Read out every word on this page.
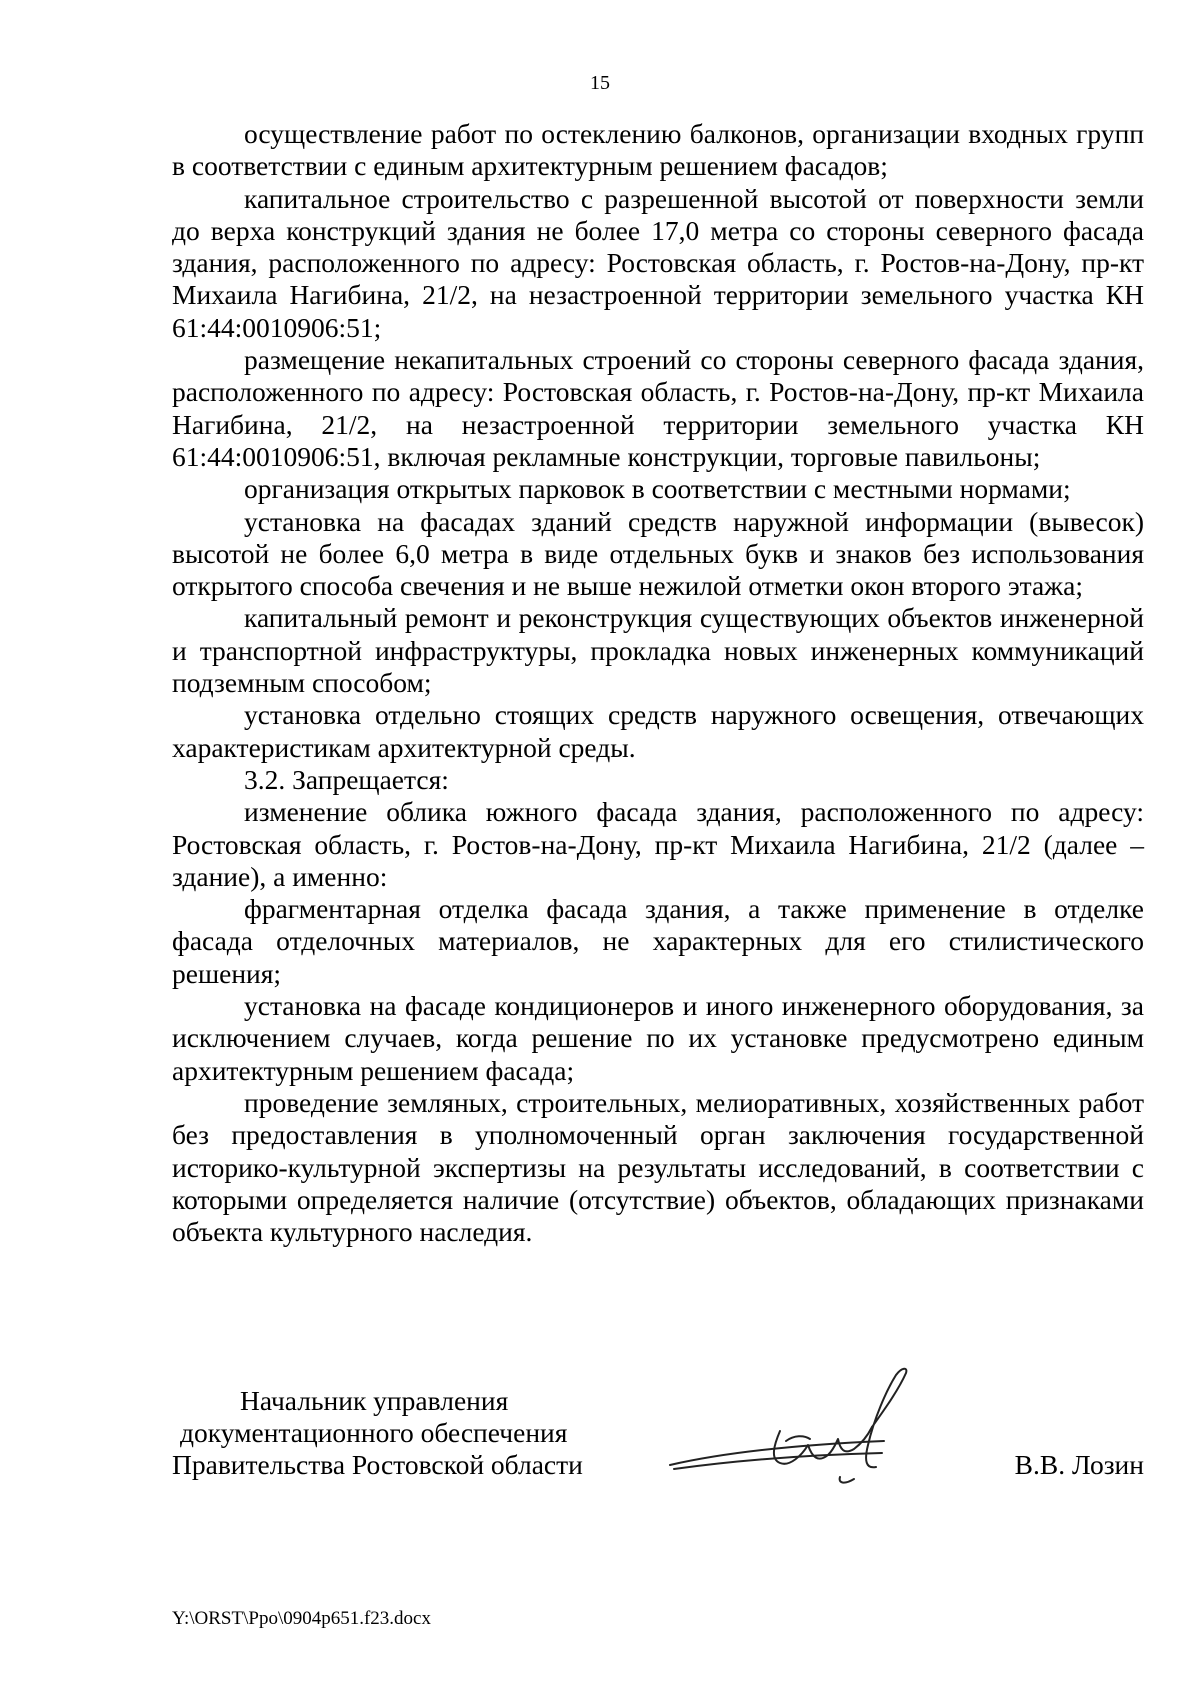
15

осуществление работ по остеклению балконов, организации входных групп в соответствии с единым архитектурным решением фасадов;

капитальное строительство с разрешенной высотой от поверхности земли до верха конструкций здания не более 17,0 метра со стороны северного фасада здания, расположенного по адресу: Ростовская область, г. Ростов-на-Дону, пр-кт Михаила Нагибина, 21/2, на незастроенной территории земельного участка КН 61:44:0010906:51;

размещение некапитальных строений со стороны северного фасада здания, расположенного по адресу: Ростовская область, г. Ростов-на-Дону, пр-кт Михаила Нагибина, 21/2, на незастроенной территории земельного участка КН 61:44:0010906:51, включая рекламные конструкции, торговые павильоны;

организация открытых парковок в соответствии с местными нормами;

установка на фасадах зданий средств наружной информации (вывесок) высотой не более 6,0 метра в виде отдельных букв и знаков без использования открытого способа свечения и не выше нежилой отметки окон второго этажа;

капитальный ремонт и реконструкция существующих объектов инженерной и транспортной инфраструктуры, прокладка новых инженерных коммуникаций подземным способом;

установка отдельно стоящих средств наружного освещения, отвечающих характеристикам архитектурной среды.

3.2. Запрещается:

изменение облика южного фасада здания, расположенного по адресу: Ростовская область, г. Ростов-на-Дону, пр-кт Михаила Нагибина, 21/2 (далее – здание), а именно:

фрагментарная отделка фасада здания, а также применение в отделке фасада отделочных материалов, не характерных для его стилистического решения;

установка на фасаде кондиционеров и иного инженерного оборудования, за исключением случаев, когда решение по их установке предусмотрено единым архитектурным решением фасада;

проведение земляных, строительных, мелиоративных, хозяйственных работ без предоставления в уполномоченный орган заключения государственной историко-культурной экспертизы на результаты исследований, в соответствии с которыми определяется наличие (отсутствие) объектов, обладающих признаками объекта культурного наследия.

Начальник управления
документационного обеспечения
Правительства Ростовской области	В.В. Лозин
Y:\ORST\Ppo\0904p651.f23.docx
